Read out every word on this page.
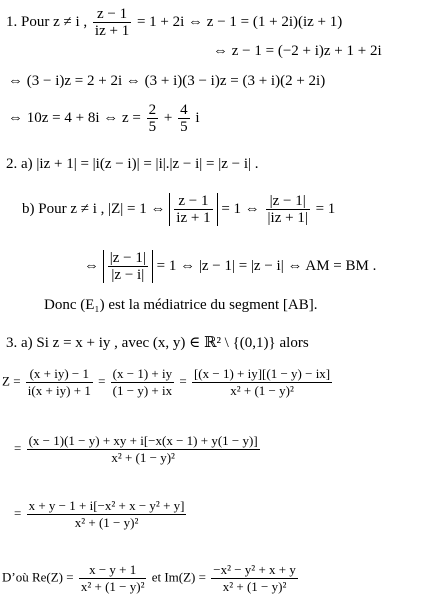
1. Pour z ≠ i , $\frac{z - 1}{iz + 1} = 1 + 2i$ ⇔ z − 1 = (1 + 2i)(iz + 1)
⇔ z − 1 = (−2 + i)z + 1 + 2i
⇔ (3 − i)z = 2 + 2i ⇔ (3 + i)(3 − i)z = (3 + i)(2 + 2i)
⇔ 10z = 4 + 8i ⇔ $z = \frac{2}{5} + \frac{4}{5}$ i
2. a) |iz + 1| = |i(z − i)| = |i|.|z − i| = |z − i| .
b) Pour z ≠ i , |Z| = 1 ⇔ $\frac{z - 1}{iz + 1} = 1$ ⇔ $\frac{|z - 1|}{|iz + 1|} = 1$
⇔ $\frac{|z - 1|}{|z - i|} = 1$ ⇔ |z − 1| = |z − i| ⇔ AM = BM .
Donc (E₁) est la médiatrice du segment [AB].
3. a) Si z = x + iy , avec (x, y) ∈ ℝ² \ {(0,1)} alors
$Z = \frac{(x + iy) - 1}{i(x + iy) + 1} = \frac{(x - 1) + iy}{(1 - y) + ix} = \frac{[(x - 1) + iy][(1 - y) - ix]}{\text{x² + (1 − y)²}}$
= $\frac{(x - 1)(1 - y) + xy + i[-x(x - 1) + y(1 - y)]}{\text{x² + (1 − y)²}}$
= $\frac{\text{x + y − 1 + i[−x² + x − y² + y]}}{\text{x² + (1 − y)²}}$
D’où $Re(Z) = \frac{x - y + 1}{\text{x² + (1 − y)²}}$ et $Im(Z) = \frac{\text{−x² − y² + x + y}}{\text{x² + (1 − y)²}}$
